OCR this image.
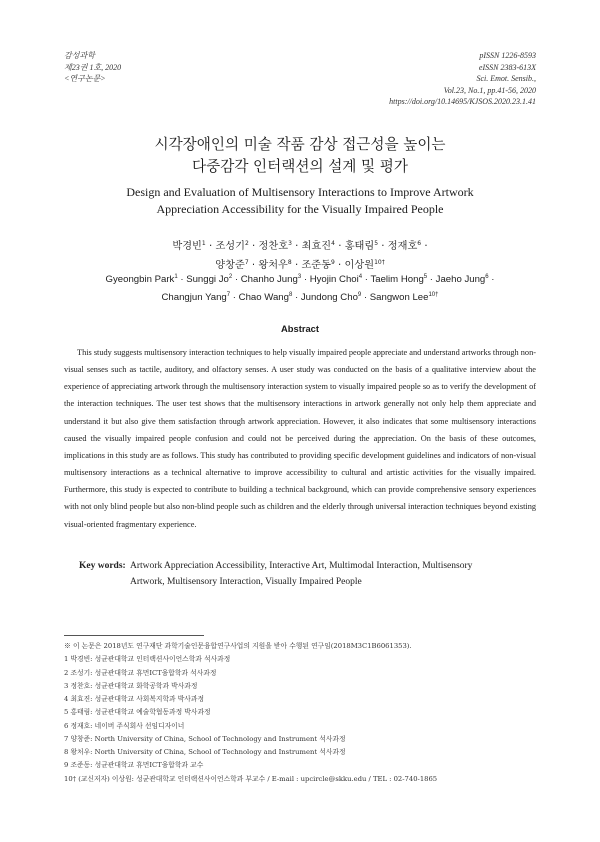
감성과학
제23권 1호, 2020
<연구논문>
pISSN 1226-8593
eISSN 2383-613X
Sci. Emot. Sensib.,
Vol.23, No.1, pp.41-56, 2020
https://doi.org/10.14695/KJSOS.2020.23.1.41
시각장애인의 미술 작품 감상 접근성을 높이는
다중감각 인터랙션의 설계 및 평가
Design and Evaluation of Multisensory Interactions to Improve Artwork
Appreciation Accessibility for the Visually Impaired People
박경빈$^1$ · 조성기$^2$ · 정찬호$^3$ · 최효진$^4$ · 홍태림$^5$ · 정재호$^6$ ·
양창준$^7$ · 왕처우$^8$ · 조준동$^9$ · 이상원$^{10\dagger}$
Gyeongbin Park$^1$ · Sunggi $Jo^2$ · Chanho Jung$^3$ · Hyojin Choi$^4$ · Taelim Hong$^5$ · Jaeho Jung$^6$ ·
Changjun Yang$^7$ · Chao Wang$^8$ · Jundong Cho$^9$ · Sangwon Lee$^{10\dagger}$
Abstract
This study suggests multisensory interaction techniques to help visually impaired people appreciate and understand artworks through non-visual senses such as tactile, auditory, and olfactory senses. A user study was conducted on the basis of a qualitative interview about the experience of appreciating artwork through the multisensory interaction system to visually impaired people so as to verify the development of the interaction techniques. The user test shows that the multisensory interactions in artwork generally not only help them appreciate and understand it but also give them satisfaction through artwork appreciation. However, it also indicates that some multisensory interactions caused the visually impaired people confusion and could not be perceived during the appreciation. On the basis of these outcomes, implications in this study are as follows. This study has contributed to providing specific development guidelines and indicators of non-visual multisensory interactions as a technical alternative to improve accessibility to cultural and artistic activities for the visually impaired. Furthermore, this study is expected to contribute to building a technical background, which can provide comprehensive sensory experiences with not only blind people but also non-blind people such as children and the elderly through universal interaction techniques beyond existing visual-oriented fragmentary experience.
Key words: Artwork Appreciation Accessibility, Interactive Art, Multimodal Interaction, Multisensory
Artwork, Multisensory Interaction, Visually Impaired People
※ 이 논문은 2018년도 연구재단 과학기술인문융합연구사업의 지원을 받아 수행된 연구임(2018M3C1B6061353).
1 박경빈: 성균관대학교 인터랙션사이언스학과 석사과정
2 조성기: 성균관대학교 휴먼ICT융합학과 석사과정
3 정찬호: 성균관대학교 화학공학과 박사과정
4 최효진: 성균관대학교 사회복지학과 박사과정
5 홍태림: 성균관대학교 예술학협동과정 박사과정
6 정재호: 네이버 주식회사 선임디자이너
7 양창준: North University of China, School of Technology and Instrument 석사과정
8 왕처우: North University of China, School of Technology and Instrument 석사과정
9 조준동: 성균관대학교 휴먼ICT융합학과 교수
10† (교신저자) 이상원: 성균관대학교 인터랙션사이언스학과 부교수 / E-mail : upcircle@skku.edu / TEL : 02-740-1865
